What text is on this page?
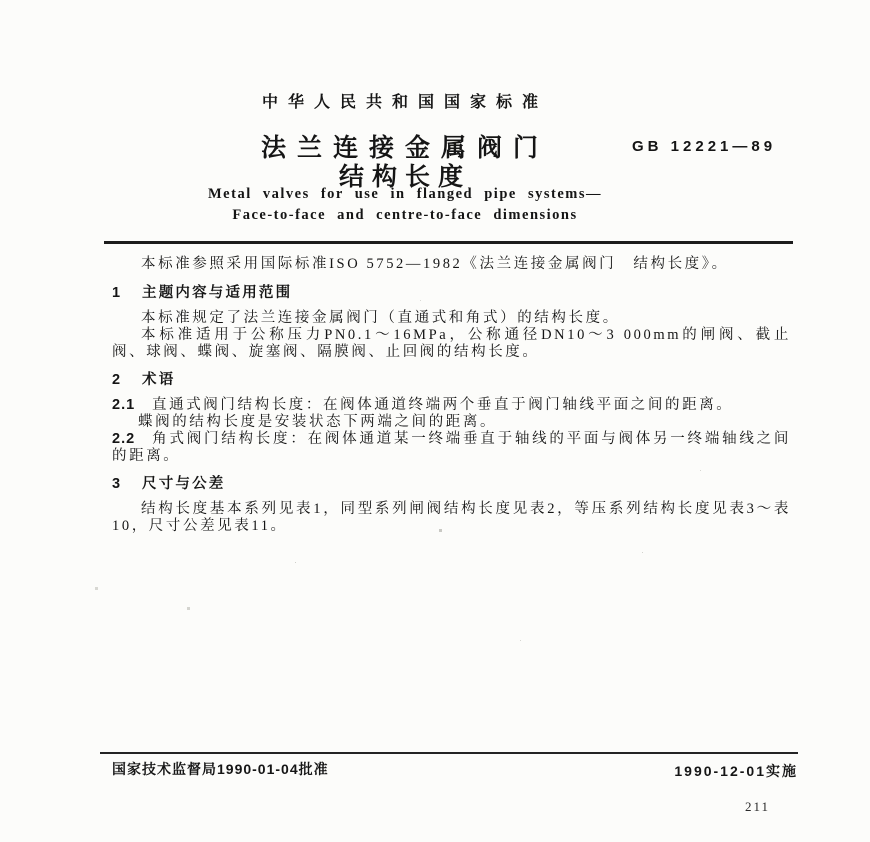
中华人民共和国国家标准
法兰连接金属阀门
结构长度
Metal valves for use in flanged pipe systems—
Face-to-face and centre-to-face dimensions
GB 12221—89

本标准参照采用国际标准ISO 5752—1982《法兰连接金属阀门　结构长度》。

1 主题内容与适用范围

本标准规定了法兰连接金属阀门（直通式和角式）的结构长度。

本标准适用于公称压力PN0.1～16MPa，公称通径DN10～3 000mm的闸阀、截止阀、球阀、蝶阀、旋塞阀、隔膜阀、止回阀的结构长度。

2 术语
2.1 直通式阀门结构长度：在阀体通道终端两个垂直于阀门轴线平面之间的距离。
蝶阀的结构长度是安装状态下两端之间的距离。
2.2 角式阀门结构长度：在阀体通道某一终端垂直于轴线的平面与阀体另一终端轴线之间的距离。
3 尺寸与公差

结构长度基本系列见表1，同型系列闸阀结构长度见表2，等压系列结构长度见表3～表10，尺寸公差见表11。

国家技术监督局1990-01-04批准	1990-12-01实施
211
